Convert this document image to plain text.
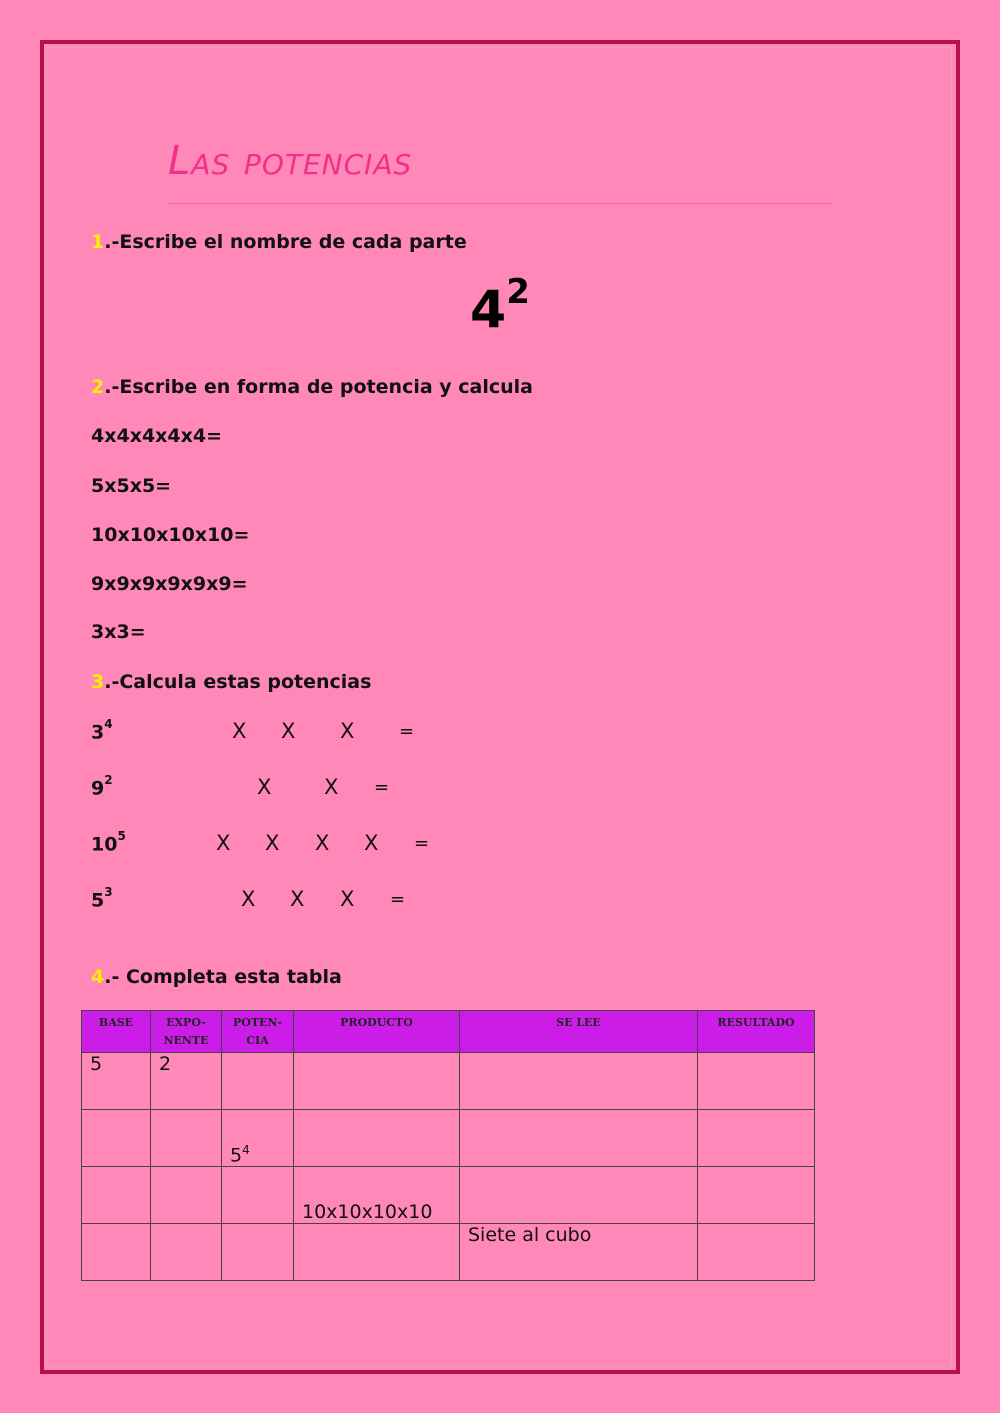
Las potencias
1.-Escribe el nombre de cada parte
$4^2$
2.-Escribe en forma de potencia y calcula
4x4x4x4x4=
5x5x5=
10x10x10x10=
9x9x9x9x9x9=
3x3=
3.-Calcula estas potencias
$3^4$	X X X =
$9^2$	X	X =
$10^5$	X X X X =
$5^3$	X X X =
4.- Completa esta tabla
BASE	EXPO-NENTE	POTEN-CIA	PRODUCTO	SE LEE	RESULTADO
5	2				
		$5^4$			
			10x10x10x10		
				Siete al cubo	
